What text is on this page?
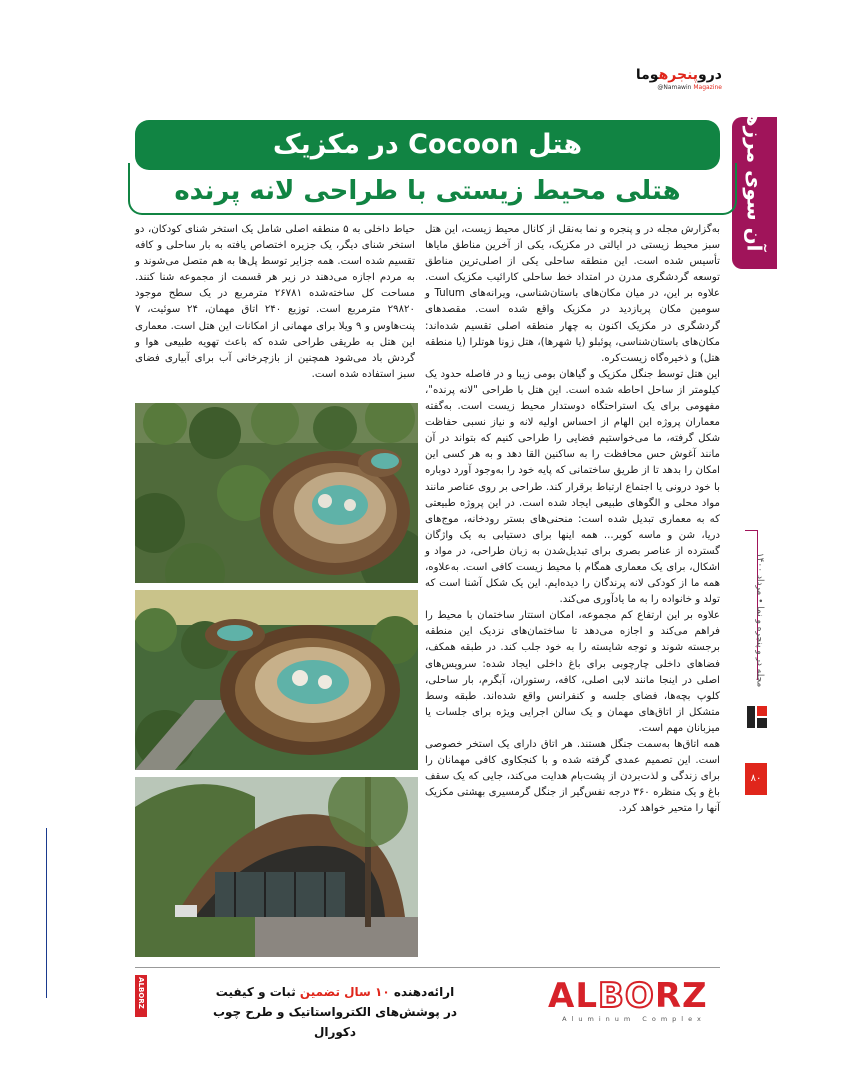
دروپنجرهوما
@Namawin Magazine
آن سوی مرزها
هتل Cocoon در مکزیک
هتلی محیط زیستی با طراحی لانه پرنده

به‌گزارش مجله در و پنجره و نما به‌نقل از کانال محیط زیست، این هتل سبز محیط زیستی در ایالتی در مکزیک، یکی از آخرین مناطق مایاها تأسیس شده است. این منطقه ساحلی یکی از اصلی‌ترین مناطق توسعه گردشگری مدرن در امتداد خط ساحلی کارائیب مکزیک است. علاوه بر این، در میان مکان‌های باستان‌شناسی، ویرانه‌های Tulum و سومین مکان پربازدید در مکزیک واقع شده است. مقصدهای گردشگری در مکزیک اکنون به چهار منطقه اصلی تقسیم شده‌اند: مکان‌های باستان‌شناسی، پوئبلو (یا شهرها)، هتل زونا هوتلرا (یا منطقه هتل) و ذخیره‌گاه زیست‌کره.

این هتل توسط جنگل مکزیک و گیاهان بومی زیبا و در فاصله حدود یک کیلومتر از ساحل احاطه شده است. این هتل با طراحی "لانه پرنده"، مفهومی برای یک استراحتگاه دوستدار محیط زیست است. به‌گفته معماران پروژه این الهام از احساس اولیه لانه و نیاز نسبی حفاظت شکل گرفته، ما می‌خواستیم فضایی را طراحی کنیم که بتواند در آن مانند آغوش حس محافظت را به ساکنین القا دهد و به هر کسی این امکان را بدهد تا از طریق ساختمانی که پایه خود را به‌وجود آورد دوباره با خود درونی یا اجتماع ارتباط برقرار کند. طراحی بر روی عناصر مانند مواد محلی و الگوهای طبیعی ایجاد شده است. در این پروژه طبیعتی که به معماری تبدیل شده است: منحنی‌های بستر رودخانه، موج‌های دریا، شن و ماسه کویر... همه اینها برای دستیابی به یک واژگان گسترده از عناصر بصری برای تبدیل‌شدن به زبان طراحی، در مواد و اشکال، برای یک معماری همگام با محیط زیست کافی است. به‌علاوه، همه ما از کودکی لانه پرندگان را دیده‌ایم. این یک شکل آشنا است که تولد و خانواده را به ما یادآوری می‌کند.

علاوه بر این ارتفاع کم مجموعه، امکان استتار ساختمان با محیط را فراهم می‌کند و اجازه می‌دهد تا ساختمان‌های نزدیک این منطقه برجسته شوند و توجه شایسته را به خود جلب کند. در طبقه همکف، فضاهای داخلی چارچوبی برای باغ داخلی ایجاد شده: سرویس‌های اصلی در اینجا مانند لابی اصلی، کافه، رستوران، آبگرم، بار ساحلی، کلوپ بچه‌ها، فضای جلسه و کنفرانس واقع شده‌اند. طبقه وسط متشکل از اتاق‌های مهمان و یک سالن اجرایی ویژه برای جلسات یا میزبانان مهم است.

همه اتاق‌ها به‌سمت جنگل هستند. هر اتاق دارای یک استخر خصوصی است. این تصمیم عمدی گرفته شده و با کنجکاوی کافی مهمانان را برای زندگی و لذت‌بردن از پشت‌بام هدایت می‌کند، جایی که یک سقف باغ و یک منظره ۳۶۰ درجه نفس‌گیر از جنگل گرمسیری بهشتی مکزیک آنها را متحیر خواهد کرد.

حیاط داخلی به ۵ منطقه اصلی شامل یک استخر شنای کودکان، دو استخر شنای دیگر، یک جزیره اختصاص یافته به بار ساحلی و کافه تقسیم شده است. همه جزایر توسط پل‌ها به هم متصل می‌شوند و به مردم اجازه می‌دهند در زیر هر قسمت از مجموعه شنا کنند. مساحت کل ساخته‌شده ۲۶۷۸۱ مترمربع در یک سطح موجود ۲۹۸۲۰ مترمربع است. توزیع ۲۴۰ اتاق مهمان، ۲۴ سوئیت، ۷ پنت‌هاوس و ۹ ویلا برای مهمانی از امکانات این هتل است. معماری این هتل به طریقی طراحی شده که باعث تهویه طبیعی هوا و گردش باد می‌شود همچنین از بازچرخانی آب برای آبیاری فضای سبز استفاده شده است.

مجله در و پنجره و نما • مرداد ۱۴۰۰
۸۰
ALBORZ	ارائه‌دهنده ۱۰ سال تضمین ثبات و کیفیت
در پوشش‌های الکترواستاتیک و طرح چوب دکورال
ALBORZ
Aluminum Complex
